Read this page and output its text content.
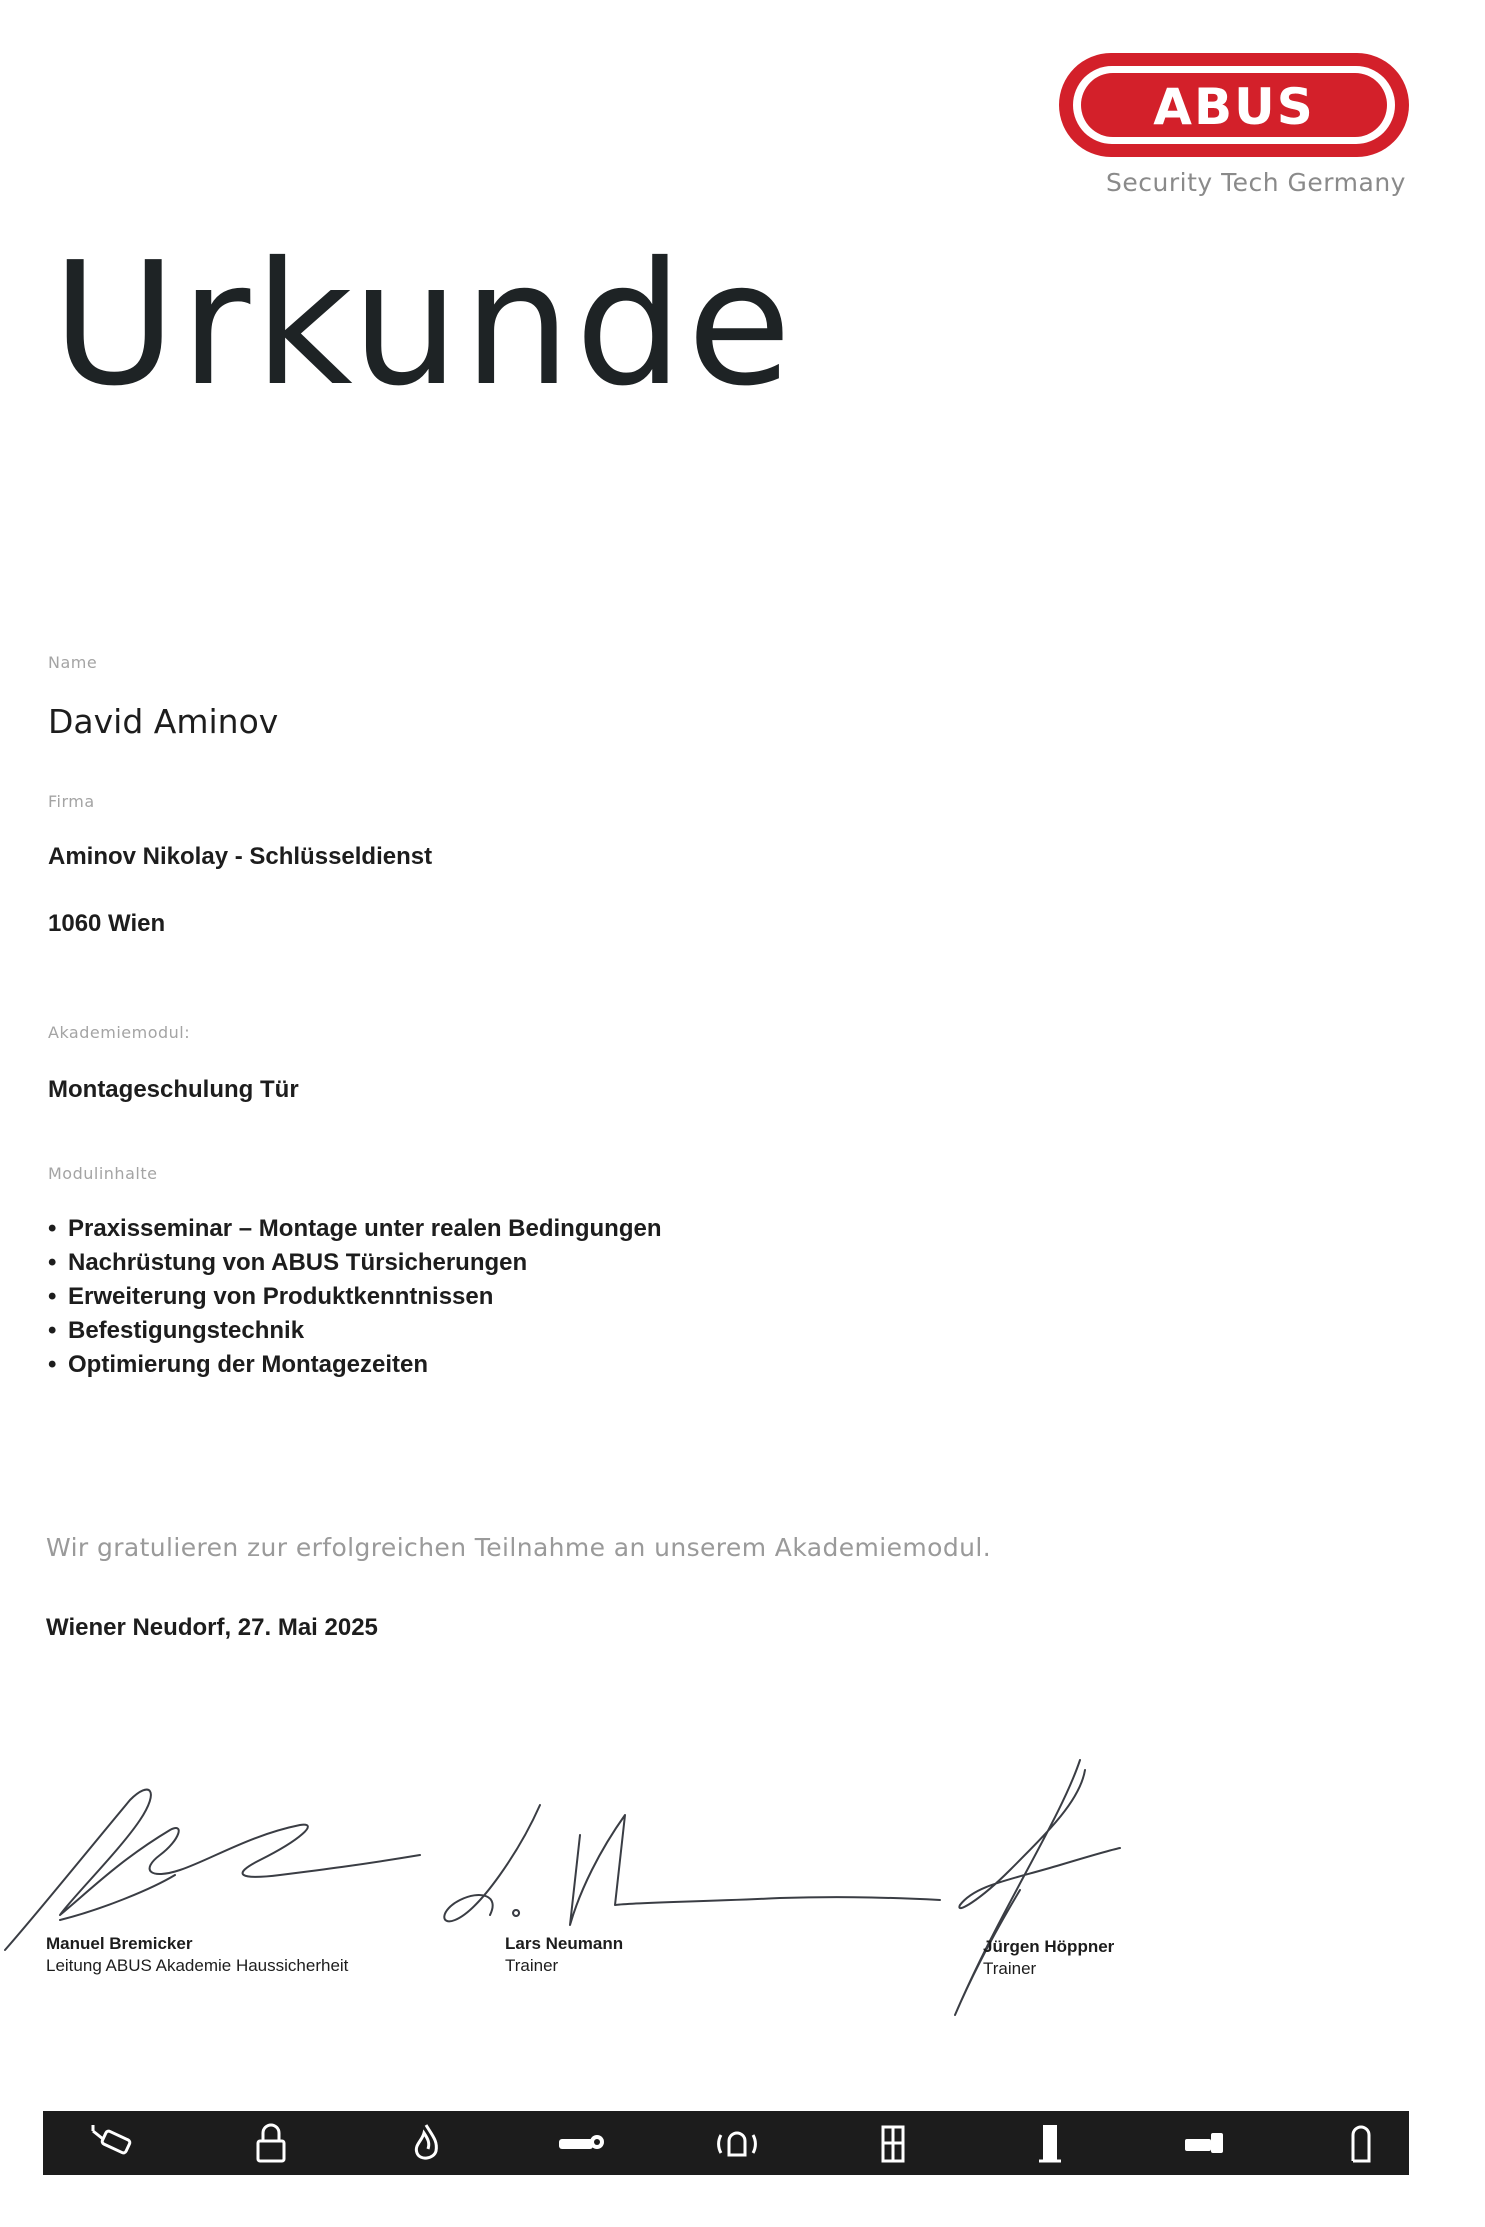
ABUS
Security Tech Germany
Urkunde
Name
David Aminov
Firma
Aminov Nikolay - Schlüsseldienst
1060 Wien
Akademiemodul:
Montageschulung Tür
Modulinhalte
• Praxisseminar – Montage unter realen Bedingungen
• Nachrüstung von ABUS Türsicherungen
• Erweiterung von Produktkenntnissen
• Befestigungstechnik
• Optimierung der Montagezeiten
Wir gratulieren zur erfolgreichen Teilnahme an unserem Akademiemodul.
Wiener Neudorf, 27. Mai 2025
Manuel Bremicker
Leitung ABUS Akademie Haussicherheit
Lars Neumann
Trainer
Jürgen Höppner
Trainer
